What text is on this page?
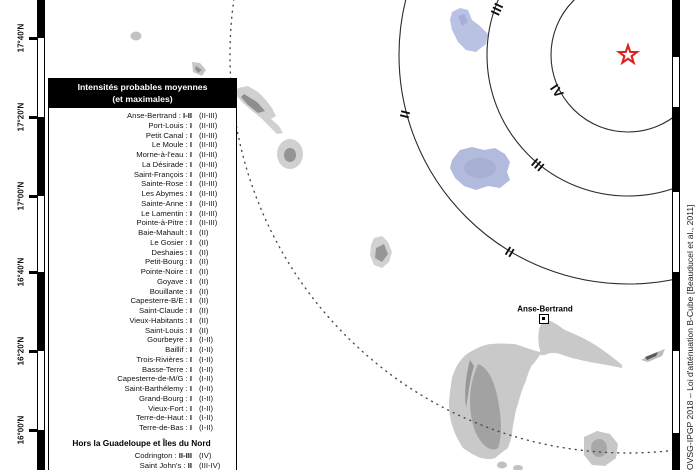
III
II
IV
III
II
Anse-Bertrand
17°40'N
17°20'N
17°00'N
16°40'N
16°20'N
16°00'N	OVSG-IPGP 2018 – Loi d'atténuation B-Cube [Beauducel et al., 2011]
Intensités probables moyennes
(et maximales)
Anse-Bertrand : I-II (II-III)
Port-Louis : I (II-III)
Petit Canal : I (II-III)
Le Moule : I (II-III)
Morne-à-l'eau : I (II-III)
La Désirade : I (II-III)
Saint-François : I (II-III)
Sainte-Rose : I (II-III)
Les Abymes : I (II-III)
Sainte-Anne : I (II-III)
Le Lamentin : I (II-III)
Pointe-à-Pitre : I (II-III)
Baie-Mahault : I (II)
Le Gosier : I (II)
Deshaies : I (II)
Petit-Bourg : I (II)
Pointe-Noire : I (II)
Goyave : I (II)
Bouillante : I (II)
Capesterre-B/E : I (II)
Saint-Claude : I (II)
Vieux-Habitants : I (II)
Saint-Louis : I (II)
Gourbeyre : I (I-II)
Baillif : I (I-II)
Trois-Rivières : I (I-II)
Basse-Terre : I (I-II)
Capesterre-de-M/G : I (I-II)
Saint-Barthélemy : I (I-II)
Grand-Bourg : I (I-II)
Vieux-Fort : I (I-II)
Terre-de-Haut : I (I-II)
Terre-de-Bas : I (I-II)
Hors la Guadeloupe et Îles du Nord
Codrington : II-III (IV)
Saint John's : II (III-IV)
